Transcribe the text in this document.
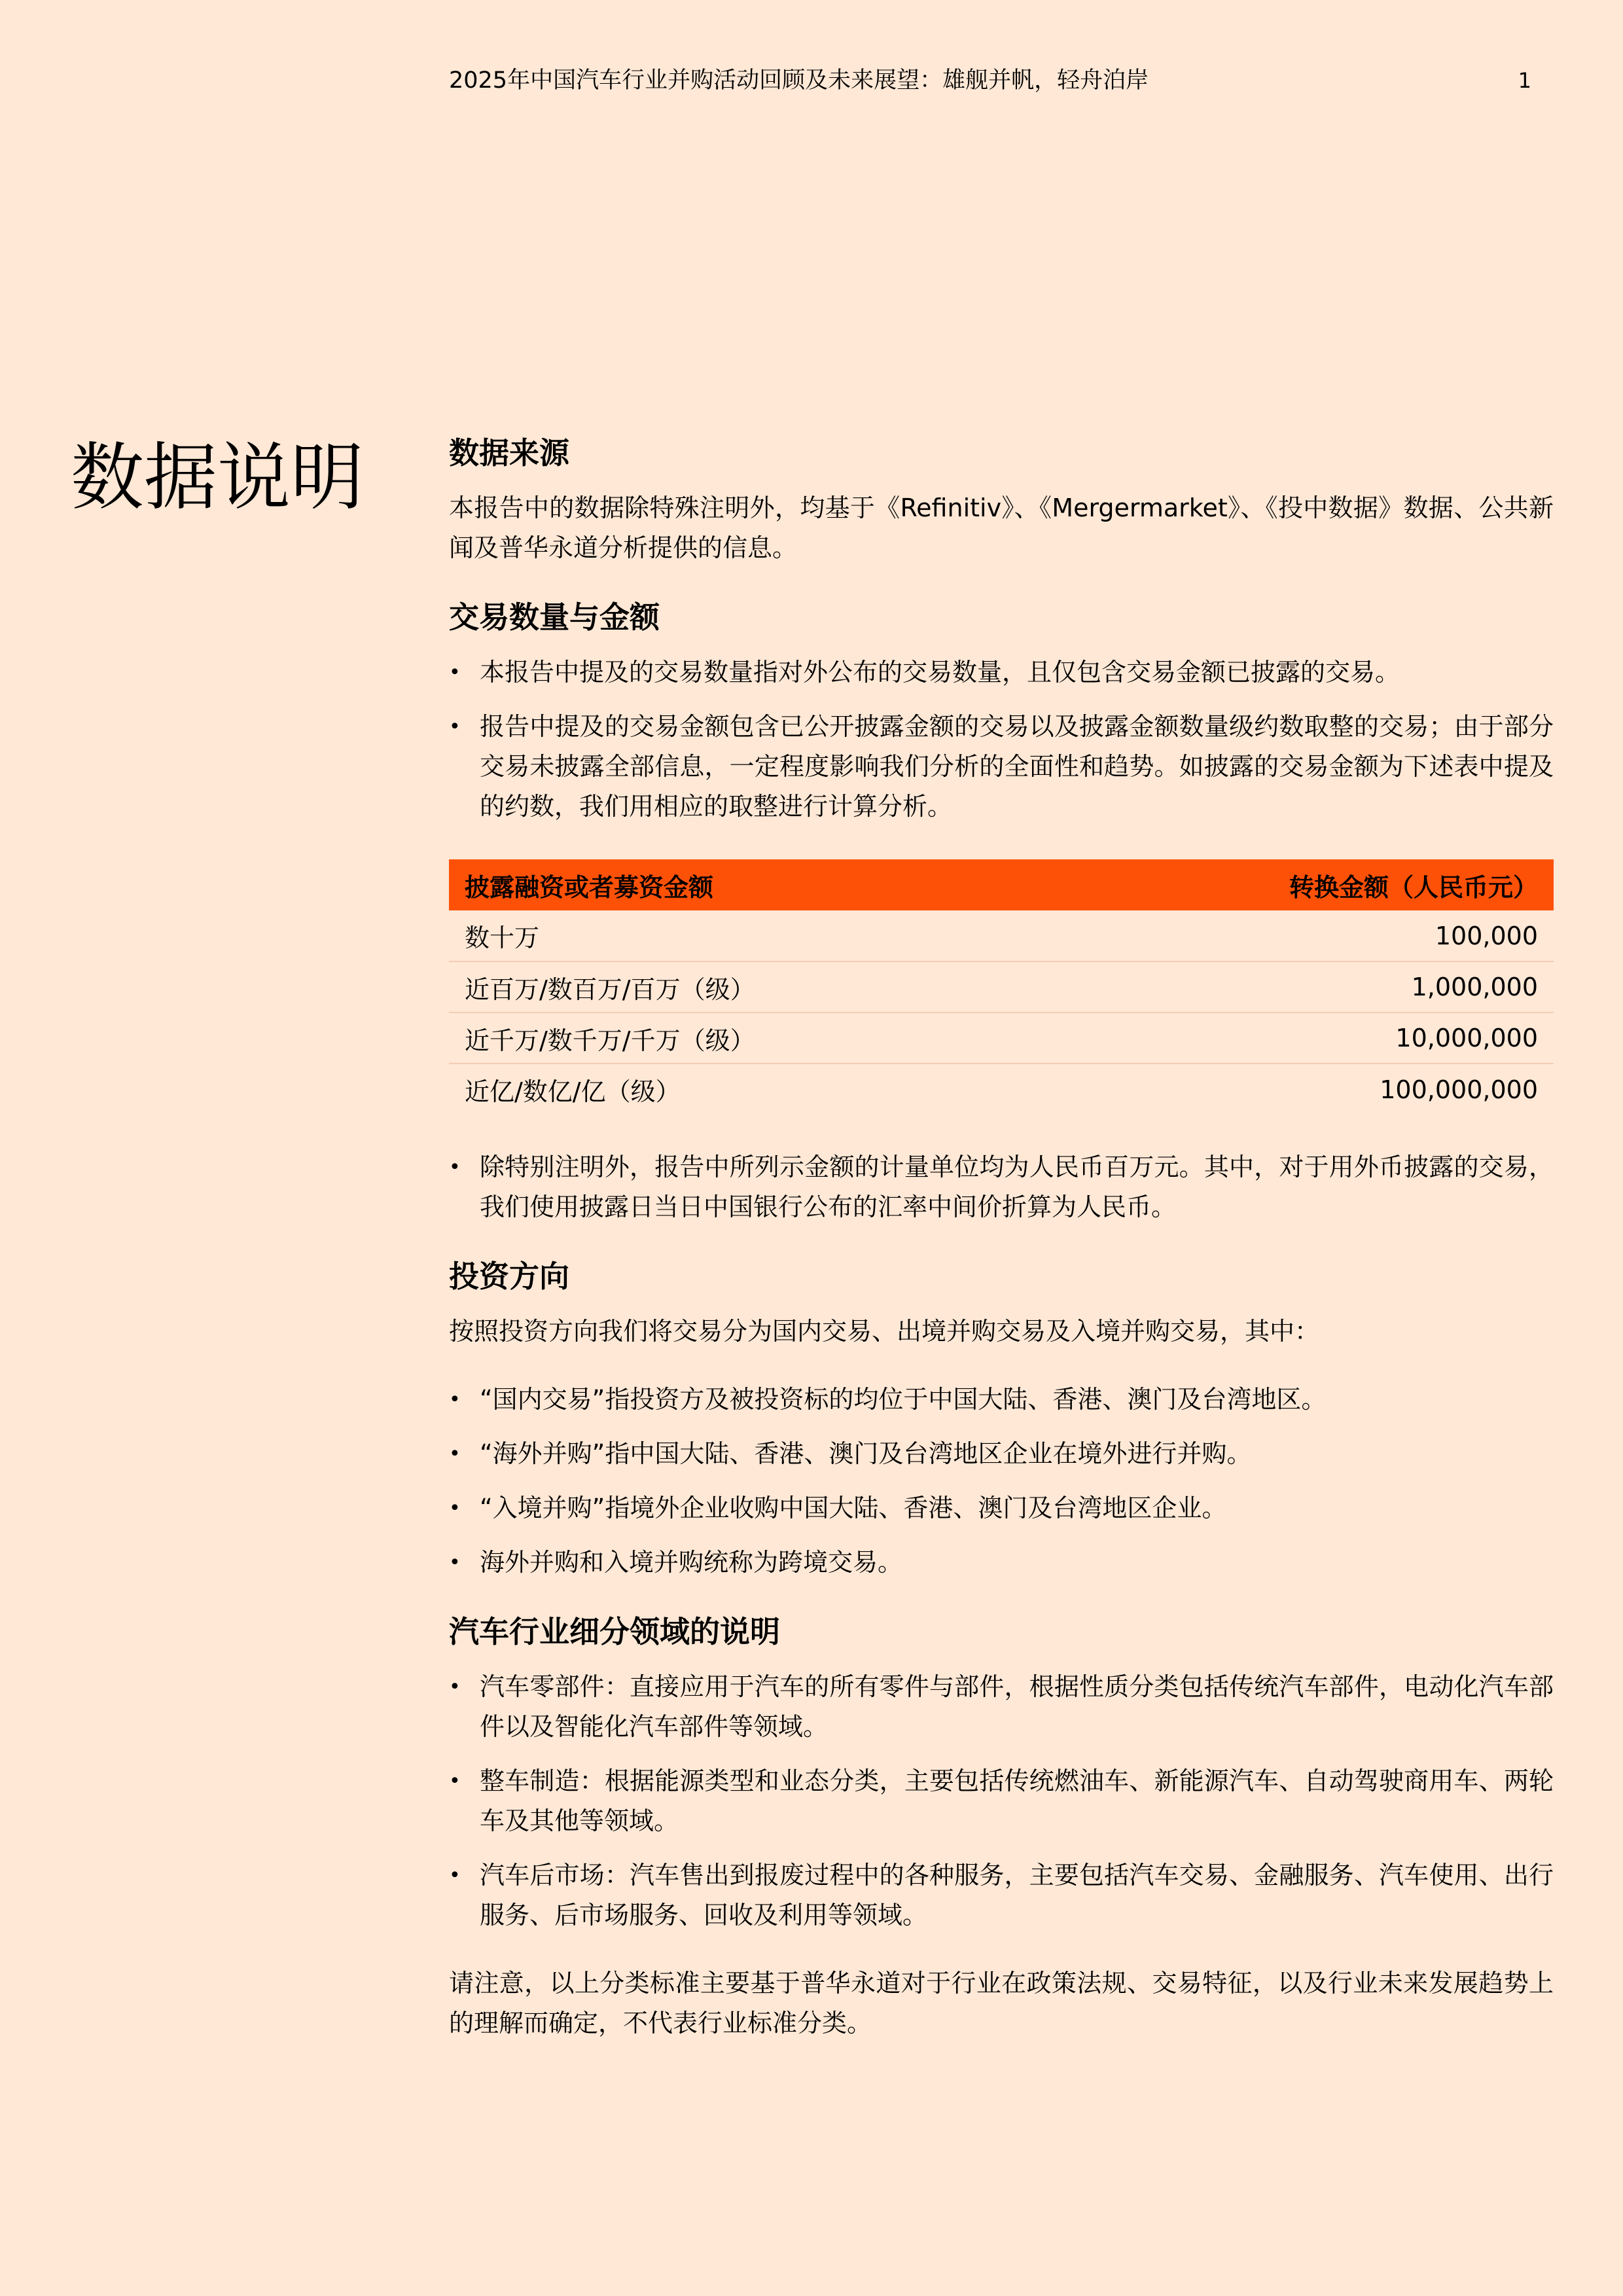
2025年中国汽车行业并购活动回顾及未来展望：雄舰并帆，轻舟泊岸	1
数据说明	数据来源

本报告中的数据除特殊注明外，均基于《Refinitiv》、《Mergermarket》、《投中数据》数据、公共新闻及普华永道分析提供的信息。

交易数量与金额
• 本报告中提及的交易数量指对外公布的交易数量，且仅包含交易金额已披露的交易。
• 报告中提及的交易金额包含已公开披露金额的交易以及披露金额数量级约数取整的交易；由于部分交易未披露全部信息，一定程度影响我们分析的全面性和趋势。如披露的交易金额为下述表中提及的约数，我们用相应的取整进行计算分析。
披露融资或者募资金额	转换金额（人民币元）
数十万	100,000
近百万/数百万/百万（级）	1,000,000
近千万/数千万/千万（级）	10,000,000
近亿/数亿/亿（级）	100,000,000
• 除特别注明外，报告中所列示金额的计量单位均为人民币百万元。其中，对于用外币披露的交易，我们使用披露日当日中国银行公布的汇率中间价折算为人民币。
投资方向

按照投资方向我们将交易分为国内交易、出境并购交易及入境并购交易，其中：

• “国内交易”指投资方及被投资标的均位于中国大陆、香港、澳门及台湾地区。
• “海外并购”指中国大陆、香港、澳门及台湾地区企业在境外进行并购。
• “入境并购”指境外企业收购中国大陆、香港、澳门及台湾地区企业。
• 海外并购和入境并购统称为跨境交易。
汽车行业细分领域的说明
• 汽车零部件：直接应用于汽车的所有零件与部件，根据性质分类包括传统汽车部件，电动化汽车部件以及智能化汽车部件等领域。
• 整车制造：根据能源类型和业态分类，主要包括传统燃油车、新能源汽车、自动驾驶商用车、两轮车及其他等领域。
• 汽车后市场：汽车售出到报废过程中的各种服务，主要包括汽车交易、金融服务、汽车使用、出行服务、后市场服务、回收及利用等领域。

请注意，以上分类标准主要基于普华永道对于行业在政策法规、交易特征，以及行业未来发展趋势上的理解而确定，不代表行业标准分类。
